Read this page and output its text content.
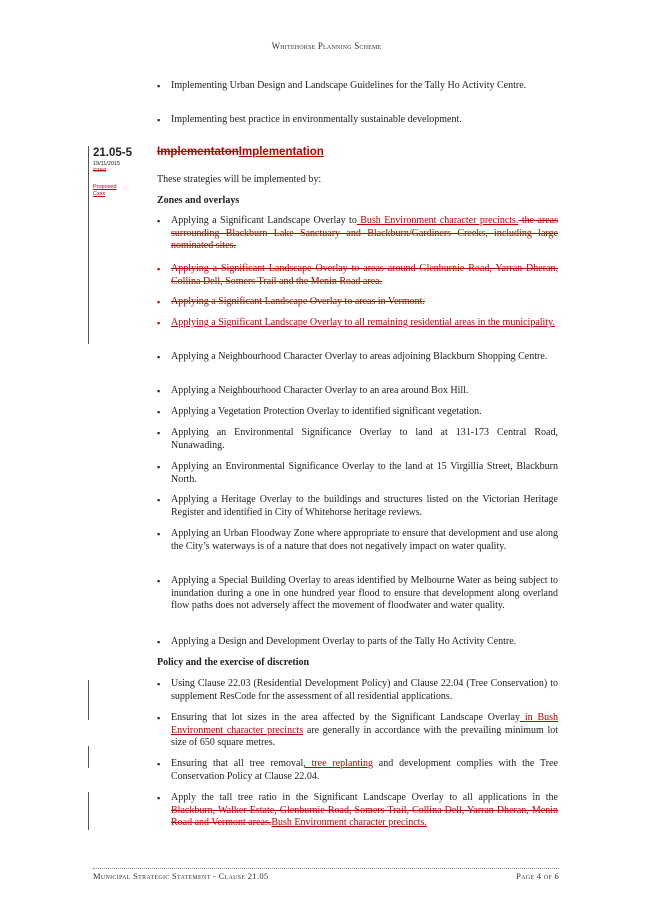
Whitehorse Planning Scheme
▪	Implementing Urban Design and Landscape Guidelines for the Tally Ho Activity Centre.
▪	Implementing best practice in environmentally sustainable development.
21.05-5 ImplementatonImplementation
19/11/2015
C150
Proposed
Cxxx
These strategies will be implemented by:
Zones and overlays
▪	Applying a Significant Landscape Overlay to Bush Environment character precincts. the areas surrounding Blackburn Lake Sanctuary and Blackburn/Gardiners Creeks, including large nominated sites.
▪	Applying a Significant Landscape Overlay to areas around Glenburnie Road, Yarran Dheran, Collina Dell, Somers Trail and the Menin Road area.
▪	Applying a Significant Landscape Overlay to areas in Vermont.
▪	Applying a Significant Landscape Overlay to all remaining residential areas in the municipality.
▪	Applying a Neighbourhood Character Overlay to areas adjoining Blackburn Shopping Centre.
▪	Applying a Neighbourhood Character Overlay to an area around Box Hill.
▪	Applying a Vegetation Protection Overlay to identified significant vegetation.
▪	Applying an Environmental Significance Overlay to land at 131-173 Central Road, Nunawading.
▪	Applying an Environmental Significance Overlay to the land at 15 Virgillia Street, Blackburn North.
▪	Applying a Heritage Overlay to the buildings and structures listed on the Victorian Heritage Register and identified in City of Whitehorse heritage reviews.
▪	Applying an Urban Floodway Zone where appropriate to ensure that development and use along the City’s waterways is of a nature that does not negatively impact on water quality.
▪	Applying a Special Building Overlay to areas identified by Melbourne Water as being subject to inundation during a one in one hundred year flood to ensure that development along overland flow paths does not adversely affect the movement of floodwater and water quality.
▪	Applying a Design and Development Overlay to parts of the Tally Ho Activity Centre.
Policy and the exercise of discretion
▪	Using Clause 22.03 (Residential Development Policy) and Clause 22.04 (Tree Conservation) to supplement ResCode for the assessment of all residential applications.
▪	Ensuring that lot sizes in the area affected by the Significant Landscape Overlay in Bush Environment character precincts are generally in accordance with the prevailing minimum lot size of 650 square metres.
▪	Ensuring that all tree removal, tree replanting and development complies with the Tree Conservation Policy at Clause 22.04.
▪	Apply the tall tree ratio in the Significant Landscape Overlay to all applications in the Blackburn, Walker Estate, Glenburnie Road, Somers Trail, Collina Dell, Yarran Dheran, Menin Road and Vermont areas.Bush Environment character precincts.
Municipal Strategic Statement - Clause 21.05	Page 4 of 6
